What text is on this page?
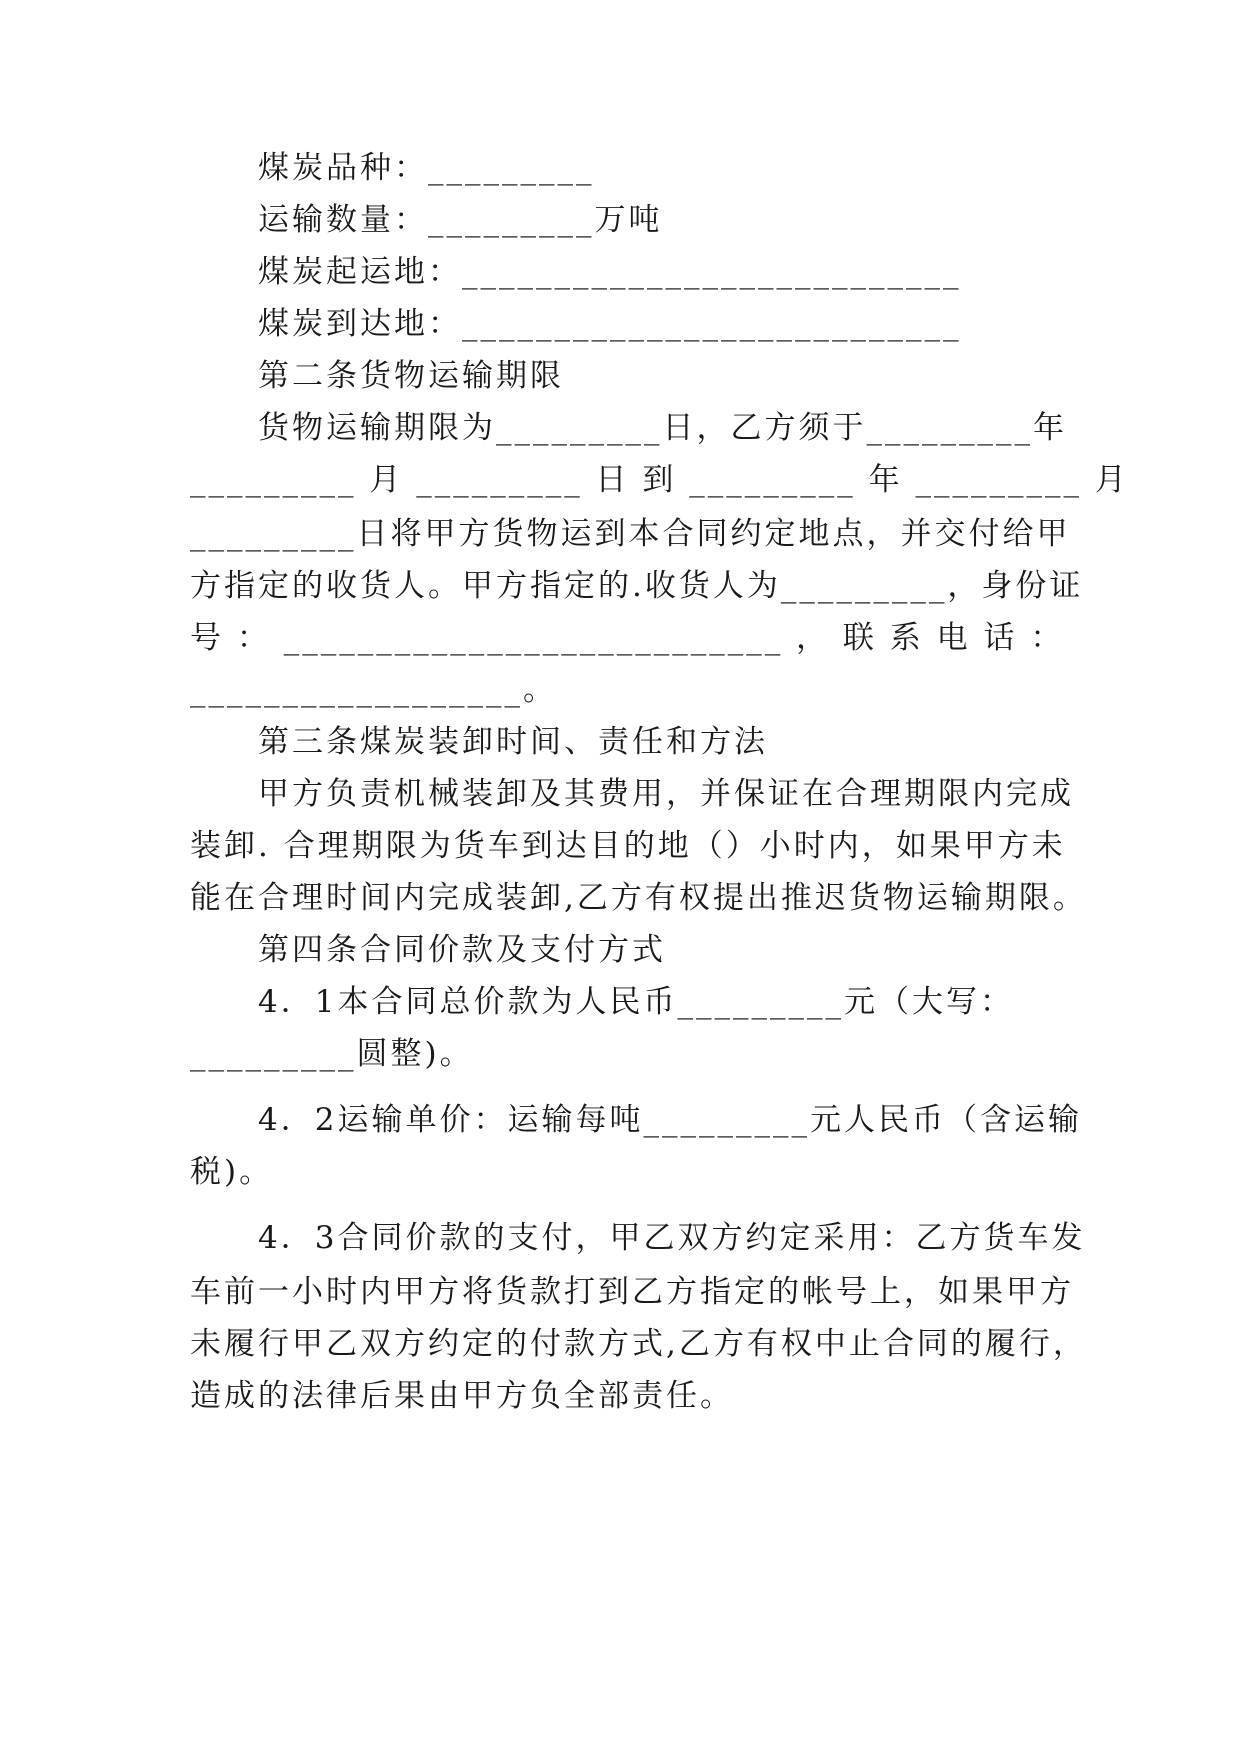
煤炭品种：_________
运输数量：_________万吨
煤炭起运地：___________________________
煤炭到达地：___________________________
第二条货物运输期限
货物运输期限为_________日，乙方须于_________年
_________ 月 _________ 日 到 _________ 年 _________ 月
_________日将甲方货物运到本合同约定地点，并交付给甲
方指定的收货人。甲方指定的.收货人为_________，身份证
号 ： ___________________________ ， 联 系 电 话 ：
__________________。
第三条煤炭装卸时间、责任和方法
甲方负责机械装卸及其费用，并保证在合理期限内完成
装卸. 合理期限为货车到达目的地（）小时内，如果甲方未
能在合理时间内完成装卸,乙方有权提出推迟货物运输期限。
第四条合同价款及支付方式
4．1本合同总价款为人民币_________元（大写：
_________圆整)。
4．2运输单价：运输每吨_________元人民币（含运输
税)。
4．3合同价款的支付，甲乙双方约定采用：乙方货车发
车前一小时内甲方将货款打到乙方指定的帐号上，如果甲方
未履行甲乙双方约定的付款方式,乙方有权中止合同的履行，
造成的法律后果由甲方负全部责任。
